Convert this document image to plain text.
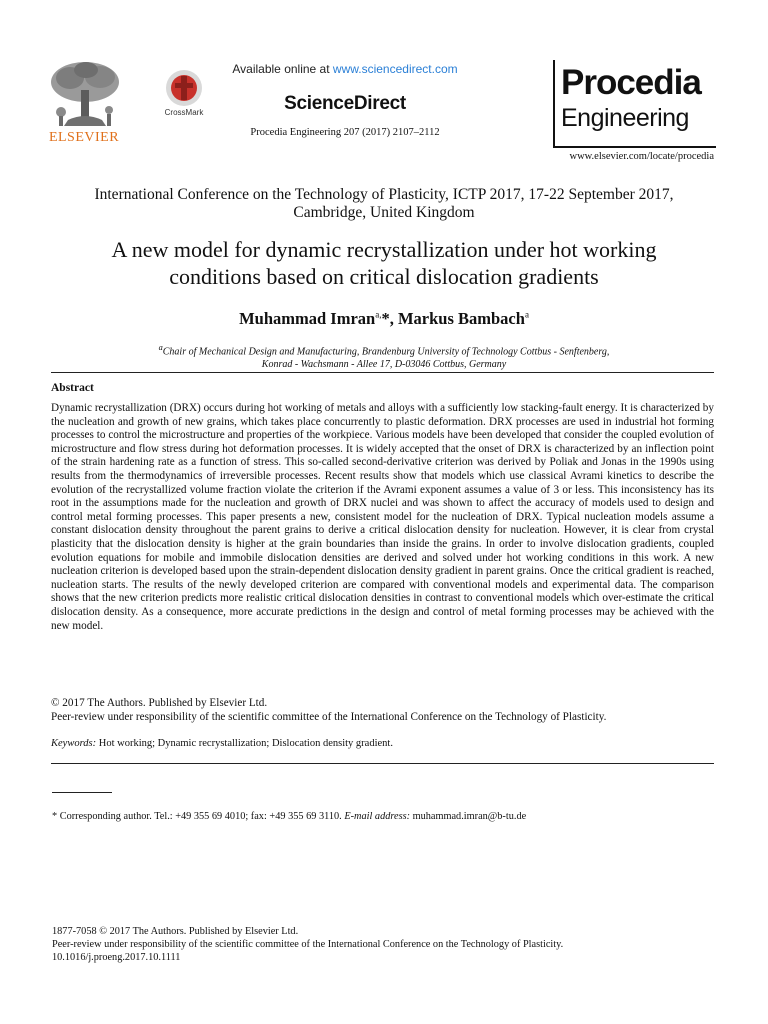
ELSEVIER
CrossMark
Available online at www.sciencedirect.com
ScienceDirect
Procedia Engineering 207 (2017) 2107–2112
Procedia
Engineering
www.elsevier.com/locate/procedia
International Conference on the Technology of Plasticity, ICTP 2017, 17-22 September 2017,
Cambridge, United Kingdom
A new model for dynamic recrystallization under hot working
conditions based on critical dislocation gradients
Muhammad Imran$^{a,}$*, Markus Bambach$^a$
$^a$Chair of Mechanical Design and Manufacturing, Brandenburg University of Technology Cottbus - Senftenberg,
Konrad - Wachsmann - Allee 17, D-03046 Cottbus, Germany
Abstract
Dynamic recrystallization (DRX) occurs during hot working of metals and alloys with a sufficiently low stacking-fault energy. It is characterized by the nucleation and growth of new grains, which takes place concurrently to plastic deformation. DRX processes are used in industrial hot forming processes to control the microstructure and properties of the workpiece. Various models have been developed that consider the coupled evolution of microstructure and flow stress during hot deformation processes. It is widely accepted that the onset of DRX is characterized by an inflection point of the strain hardening rate as a function of stress. This so-called second-derivative criterion was derived by Poliak and Jonas in the 1990s using results from the thermodynamics of irreversible processes. Recent results show that models which use classical Avrami kinetics to describe the evolution of the recrystallized volume fraction violate the criterion if the Avrami exponent assumes a value of 3 or less. This inconsistency has its root in the assumptions made for the nucleation and growth of DRX nuclei and was shown to affect the accuracy of models used to design and control metal forming processes. This paper presents a new, consistent model for the nucleation of DRX. Typical nucleation models assume a constant dislocation density throughout the parent grains to derive a critical dislocation density for nucleation. However, it is clear from crystal plasticity that the dislocation density is higher at the grain boundaries than inside the grains. In order to involve dislocation gradients, coupled evolution equations for mobile and immobile dislocation densities are derived and solved under hot working conditions in this work. A new nucleation criterion is developed based upon the strain-dependent dislocation density gradient in parent grains. Once the critical gradient is reached, nucleation starts. The results of the newly developed criterion are compared with conventional models and experimental data. The comparison shows that the new criterion predicts more realistic critical dislocation densities in contrast to conventional models which over-estimate the critical dislocation density. As a consequence, more accurate predictions in the design and control of metal forming processes may be achieved with the new model.
© 2017 The Authors. Published by Elsevier Ltd.
Peer-review under responsibility of the scientific committee of the International Conference on the Technology of Plasticity.
Keywords: Hot working; Dynamic recrystallization; Dislocation density gradient.
* Corresponding author. Tel.: +49 355 69 4010; fax: +49 355 69 3110. E-mail address: muhammad.imran@b-tu.de
1877-7058 © 2017 The Authors. Published by Elsevier Ltd.
Peer-review under responsibility of the scientific committee of the International Conference on the Technology of Plasticity.
10.1016/j.proeng.2017.10.1111
